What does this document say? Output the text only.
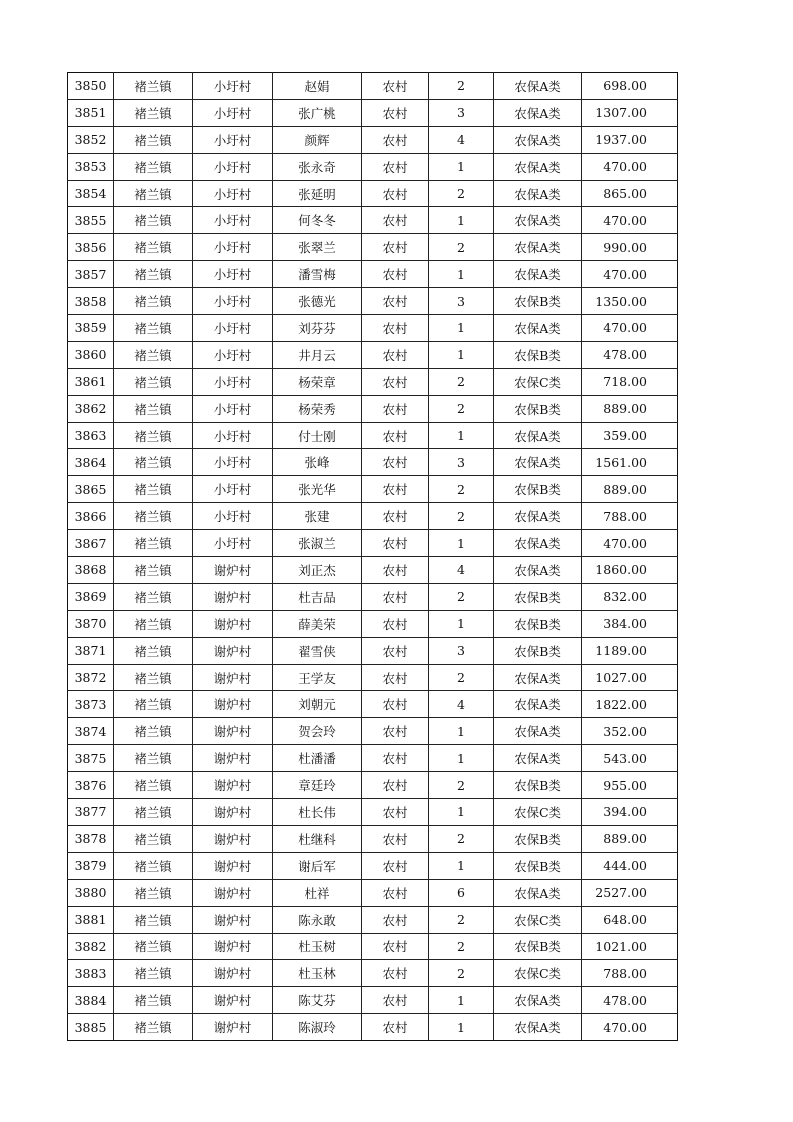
3850	褚兰镇	小圩村	赵娟	农村	2	农保A类	698.00
3851	褚兰镇	小圩村	张广桃	农村	3	农保A类	1307.00
3852	褚兰镇	小圩村	颜辉	农村	4	农保A类	1937.00
3853	褚兰镇	小圩村	张永奇	农村	1	农保A类	470.00
3854	褚兰镇	小圩村	张延明	农村	2	农保A类	865.00
3855	褚兰镇	小圩村	何冬冬	农村	1	农保A类	470.00
3856	褚兰镇	小圩村	张翠兰	农村	2	农保A类	990.00
3857	褚兰镇	小圩村	潘雪梅	农村	1	农保A类	470.00
3858	褚兰镇	小圩村	张德光	农村	3	农保B类	1350.00
3859	褚兰镇	小圩村	刘芬芬	农村	1	农保A类	470.00
3860	褚兰镇	小圩村	井月云	农村	1	农保B类	478.00
3861	褚兰镇	小圩村	杨荣章	农村	2	农保C类	718.00
3862	褚兰镇	小圩村	杨荣秀	农村	2	农保B类	889.00
3863	褚兰镇	小圩村	付士刚	农村	1	农保A类	359.00
3864	褚兰镇	小圩村	张峰	农村	3	农保A类	1561.00
3865	褚兰镇	小圩村	张光华	农村	2	农保B类	889.00
3866	褚兰镇	小圩村	张建	农村	2	农保A类	788.00
3867	褚兰镇	小圩村	张淑兰	农村	1	农保A类	470.00
3868	褚兰镇	谢炉村	刘正杰	农村	4	农保A类	1860.00
3869	褚兰镇	谢炉村	杜吉品	农村	2	农保B类	832.00
3870	褚兰镇	谢炉村	薛美荣	农村	1	农保B类	384.00
3871	褚兰镇	谢炉村	翟雪侠	农村	3	农保B类	1189.00
3872	褚兰镇	谢炉村	王学友	农村	2	农保A类	1027.00
3873	褚兰镇	谢炉村	刘朝元	农村	4	农保A类	1822.00
3874	褚兰镇	谢炉村	贺会玲	农村	1	农保A类	352.00
3875	褚兰镇	谢炉村	杜潘潘	农村	1	农保A类	543.00
3876	褚兰镇	谢炉村	章廷玲	农村	2	农保B类	955.00
3877	褚兰镇	谢炉村	杜长伟	农村	1	农保C类	394.00
3878	褚兰镇	谢炉村	杜继科	农村	2	农保B类	889.00
3879	褚兰镇	谢炉村	谢后军	农村	1	农保B类	444.00
3880	褚兰镇	谢炉村	杜祥	农村	6	农保A类	2527.00
3881	褚兰镇	谢炉村	陈永敢	农村	2	农保C类	648.00
3882	褚兰镇	谢炉村	杜玉树	农村	2	农保B类	1021.00
3883	褚兰镇	谢炉村	杜玉林	农村	2	农保C类	788.00
3884	褚兰镇	谢炉村	陈艾芬	农村	1	农保A类	478.00
3885	褚兰镇	谢炉村	陈淑玲	农村	1	农保A类	470.00
